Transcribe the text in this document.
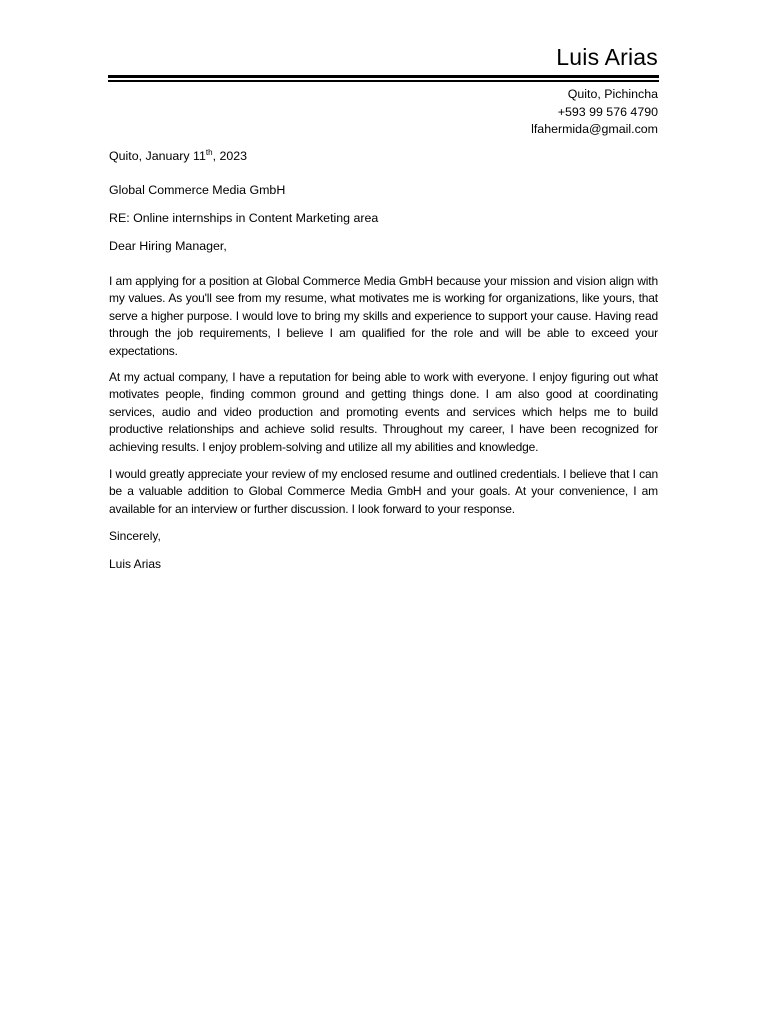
Luis Arias
Quito, Pichincha
+593 99 576 4790
lfahermida@gmail.com

Quito, January 11th, 2023

Global Commerce Media GmbH

RE: Online internships in Content Marketing area

Dear Hiring Manager,

I am applying for a position at Global Commerce Media GmbH because your mission and vision align with my values. As you'll see from my resume, what motivates me is working for organizations, like yours, that serve a higher purpose. I would love to bring my skills and experience to support your cause. Having read through the job requirements, I believe I am qualified for the role and will be able to exceed your expectations.

At my actual company, I have a reputation for being able to work with everyone. I enjoy figuring out what motivates people, finding common ground and getting things done. I am also good at coordinating services, audio and video production and promoting events and services which helps me to build productive relationships and achieve solid results. Throughout my career, I have been recognized for achieving results. I enjoy problem-solving and utilize all my abilities and knowledge.

I would greatly appreciate your review of my enclosed resume and outlined credentials. I believe that I can be a valuable addition to Global Commerce Media GmbH and your goals. At your convenience, I am available for an interview or further discussion. I look forward to your response.

Sincerely,

Luis Arias
